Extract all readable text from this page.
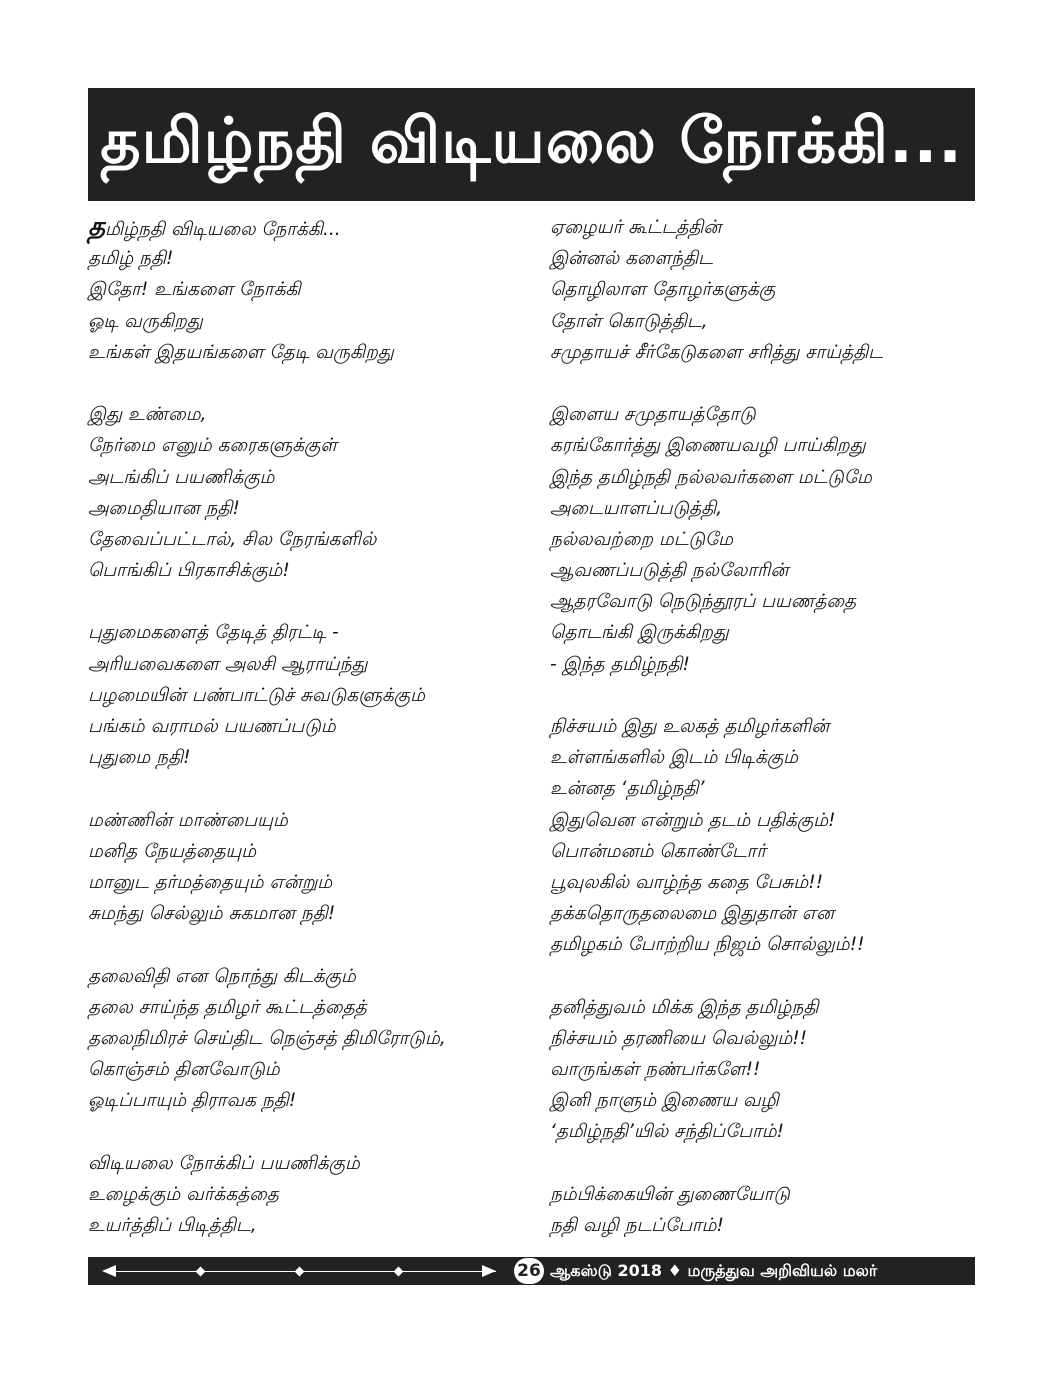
தமிழ்நதி விடியலை நோக்கி...
தமிழ்நதி விடியலை நோக்கி...
தமிழ் நதி!
இதோ! உங்களை நோக்கி
ஓடி வருகிறது
உங்கள் இதயங்களை தேடி வருகிறது
இது உண்மை,
நேர்மை எனும் கரைகளுக்குள்
அடங்கிப் பயணிக்கும்
அமைதியான நதி!
தேவைப்பட்டால், சில நேரங்களில்
பொங்கிப் பிரகாசிக்கும்!
புதுமைகளைத் தேடித் திரட்டி -
அரியவைகளை அலசி ஆராய்ந்து
பழமையின் பண்பாட்டுச் சுவடுகளுக்கும்
பங்கம் வராமல் பயணப்படும்
புதுமை நதி!
மண்ணின் மாண்பையும்
மனித நேயத்தையும்
மானுட தர்மத்தையும் என்றும்
சுமந்து செல்லும் சுகமான நதி!
தலைவிதி என நொந்து கிடக்கும்
தலை சாய்ந்த தமிழர் கூட்டத்தைத்
தலைநிமிரச் செய்திட நெஞ்சத் திமிரோடும்,
கொஞ்சம் தினவோடும்
ஓடிப்பாயும் திராவக நதி!
விடியலை நோக்கிப் பயணிக்கும்
உழைக்கும் வர்க்கத்தை
உயர்த்திப் பிடித்திட,
ஏழையர் கூட்டத்தின்
இன்னல் களைந்திட
தொழிலாள தோழர்களுக்கு
தோள் கொடுத்திட,
சமுதாயச் சீர்கேடுகளை சரித்து சாய்த்திட
இளைய சமுதாயத்தோடு
கரங்கோர்த்து இணையவழி பாய்கிறது
இந்த தமிழ்நதி நல்லவர்களை மட்டுமே
அடையாளப்படுத்தி,
நல்லவற்றை மட்டுமே
ஆவணப்படுத்தி நல்லோரின்
ஆதரவோடு நெடுந்தூரப் பயணத்தை
தொடங்கி இருக்கிறது
- இந்த தமிழ்நதி!
நிச்சயம் இது உலகத் தமிழர்களின்
உள்ளங்களில் இடம் பிடிக்கும்
உன்னத ‘தமிழ்நதி’
இதுவென என்றும் தடம் பதிக்கும்!
பொன்மனம் கொண்டோர்
பூவுலகில் வாழ்ந்த கதை பேசும்!!
தக்கதொருதலைமை இதுதான் என
தமிழகம் போற்றிய நிஜம் சொல்லும்!!
தனித்துவம் மிக்க இந்த தமிழ்நதி
நிச்சயம் தரணியை வெல்லும்!!
வாருங்கள் நண்பர்களே!!
இனி நாளும் இணைய வழி
‘தமிழ்நதி’யில் சந்திப்போம்!
நம்பிக்கையின் துணையோடு
நதி வழி நடப்போம்!
26 ஆகஸ்டு 2018 ♦ மருத்துவ அறிவியல் மலர்
